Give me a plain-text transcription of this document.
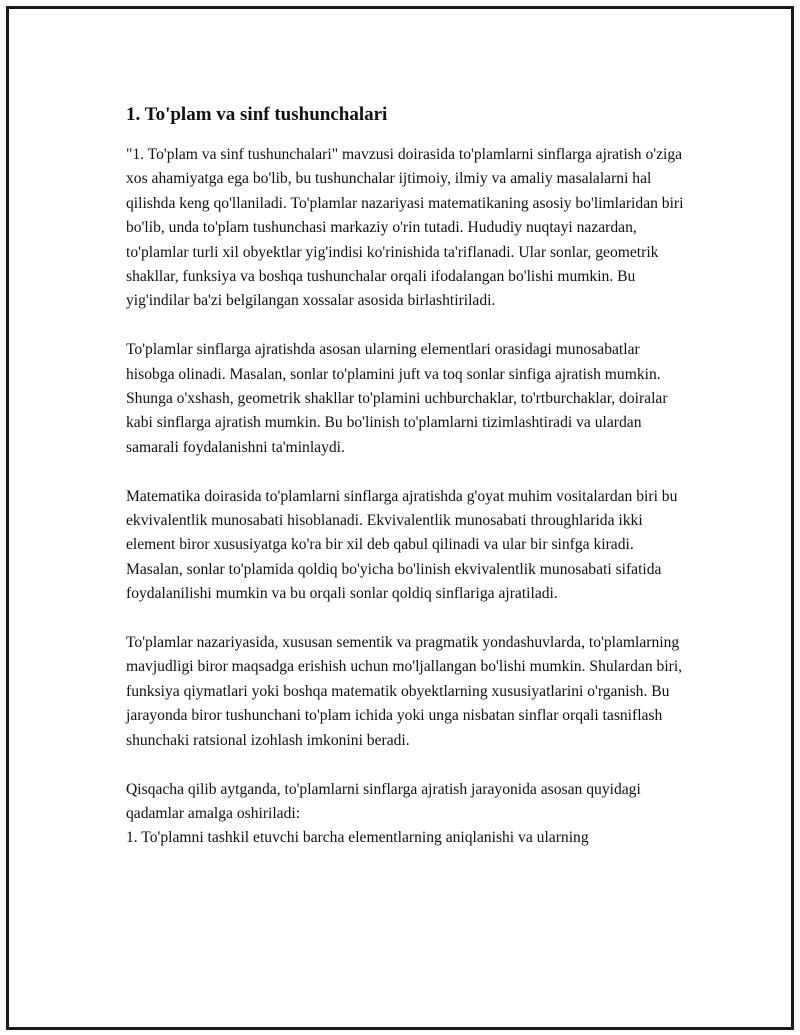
1. To'plam va sinf tushunchalari

"1. To'plam va sinf tushunchalari" mavzusi doirasida to'plamlarni sinflarga ajratish o'ziga xos ahamiyatga ega bo'lib, bu tushunchalar ijtimoiy, ilmiy va amaliy masalalarni hal qilishda keng qo'llaniladi. To'plamlar nazariyasi matematikaning asosiy bo'limlaridan biri bo'lib, unda to'plam tushunchasi markaziy o'rin tutadi. Hududiy nuqtayi nazardan, to'plamlar turli xil obyektlar yig'indisi ko'rinishida ta'riflanadi. Ular sonlar, geometrik shakllar, funksiya va boshqa tushunchalar orqali ifodalangan bo'lishi mumkin. Bu yig'indilar ba'zi belgilangan xossalar asosida birlashtiriladi.

To'plamlar sinflarga ajratishda asosan ularning elementlari orasidagi munosabatlar hisobga olinadi. Masalan, sonlar to'plamini juft va toq sonlar sinfiga ajratish mumkin. Shunga o'xshash, geometrik shakllar to'plamini uchburchaklar, to'rtburchaklar, doiralar kabi sinflarga ajratish mumkin. Bu bo'linish to'plamlarni tizimlashtiradi va ulardan samarali foydalanishni ta'minlaydi.

Matematika doirasida to'plamlarni sinflarga ajratishda g'oyat muhim vositalardan biri bu ekvivalentlik munosabati hisoblanadi. Ekvivalentlik munosabati throughlarida ikki element biror xususiyatga ko'ra bir xil deb qabul qilinadi va ular bir sinfga kiradi. Masalan, sonlar to'plamida qoldiq bo'yicha bo'linish ekvivalentlik munosabati sifatida foydalanilishi mumkin va bu orqali sonlar qoldiq sinflariga ajratiladi.

To'plamlar nazariyasida, xususan sementik va pragmatik yondashuvlarda, to'plamlarning mavjudligi biror maqsadga erishish uchun mo'ljallangan bo'lishi mumkin. Shulardan biri, funksiya qiymatlari yoki boshqa matematik obyektlarning xususiyatlarini o'rganish. Bu jarayonda biror tushunchani to'plam ichida yoki unga nisbatan sinflar orqali tasniflash shunchaki ratsional izohlash imkonini beradi.

Qisqacha qilib aytganda, to'plamlarni sinflarga ajratish jarayonida asosan quyidagi qadamlar amalga oshiriladi:
1. To'plamni tashkil etuvchi barcha elementlarning aniqlanishi va ularning
